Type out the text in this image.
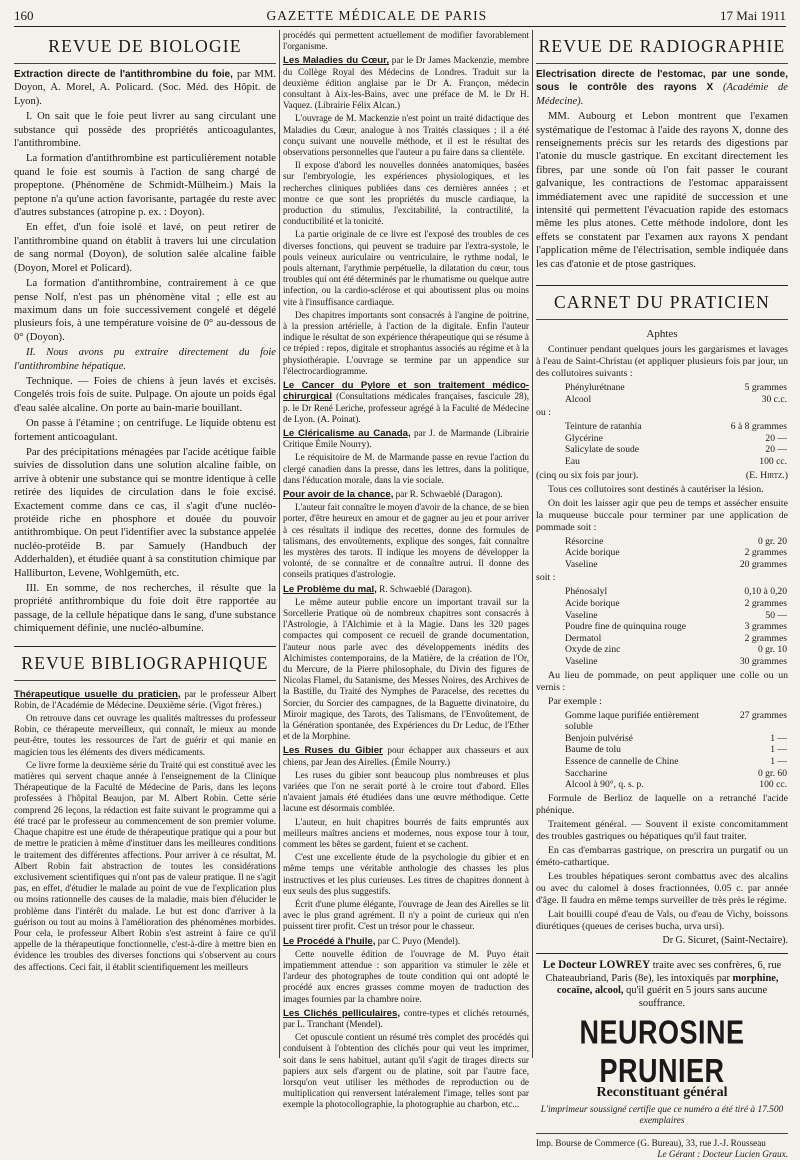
160	GAZETTE MÉDICALE DE PARIS	17 Mai 1911
REVUE DE BIOLOGIE

Extraction directe de l'antithrombine du foie, par MM. Doyon, A. Morel, A. Policard. (Soc. Méd. des Hôpit. de Lyon).

I. On sait que le foie peut livrer au sang circulant une substance qui possède des propriétés anticoagulantes, l'antithrombine.

La formation d'antithrombine est particulièrement notable quand le foie est soumis à l'action de sang chargé de propeptone. (Phénomène de Schmidt-Mülheim.) Mais la peptone n'a qu'une action favorisante, partagée du reste avec d'autres substances (atropine p. ex. : Doyon).

En effet, d'un foie isolé et lavé, on peut retirer de l'antithrombine quand on établit à travers lui une circulation de sang normal (Doyon), de solution salée alcaline faible (Doyon, Morel et Policard).

La formation d'antithrombine, contrairement à ce que pense Nolf, n'est pas un phénomène vital ; elle est au maximum dans un foie successivement congelé et dégelé plusieurs fois, à une température voisine de 0° au-dessous de 0° (Doyon).

II. Nous avons pu extraire directement du foie l'antithrombine hépatique.

Technique. — Foies de chiens à jeun lavés et excisés. Congelés trois fois de suite. Pulpage. On ajoute un poids égal d'eau salée alcaline. On porte au bain-marie bouillant.

On passe à l'étamine ; on centrifuge. Le liquide obtenu est fortement anticoagulant.

Par des précipitations ménagées par l'acide acétique faible suivies de dissolution dans une solution alcaline faible, on arrive à obtenir une substance qui se montre identique à celle retirée des liquides de circulation dans le foie excisé. Exactement comme dans ce cas, il s'agit d'une nucléo-protéide riche en phosphore et douée du pouvoir antithrombique. On peut l'identifier avec la substance appelée nucléo-protéide B. par Samuely (Handbuch der Adderhalden), et étudiée quant à sa constitution chimique par Halliburton, Levene, Wohlgemüth, etc.

III. En somme, de nos recherches, il résulte que la propriété antithrombique du foie doit être rapportée au passage, de la cellule hépatique dans le sang, d'une substance chimiquement définie, une nucléo-albumine.

REVUE BIBLIOGRAPHIQUE

Thérapeutique usuelle du praticien, par le professeur Albert Robin, de l'Académie de Médecine. Deuxième série. (Vigot frères.)

On retrouve dans cet ouvrage les qualités maîtresses du professeur Robin, ce thérapeute merveilleux, qui connaît, le mieux au monde peut-être, toutes les ressources de l'art de guérir et qui manie en magicien tous les éléments des divers médicaments.

Ce livre forme la deuxième série du Traité qui est constitué avec les matières qui servent chaque année à l'enseignement de la Clinique Thérapeutique de la Faculté de Médecine de Paris, dans les leçons professées à l'hôpital Beaujon, par M. Albert Robin. Cette série comprend 26 leçons, la rédaction est faite suivant le programme qui a été tracé par le professeur au commencement de son premier volume. Chaque chapitre est une étude de thérapeutique pratique qui a pour but de mettre le praticien à même d'instituer dans les meilleures conditions le traitement des différentes affections. Pour arriver à ce résultat, M. Albert Robin fait abstraction de toutes les considérations exclusivement scientifiques qui n'ont pas de valeur pratique. Il ne s'agit pas, en effet, d'étudier le malade au point de vue de l'explication plus ou moins rationnelle des causes de la maladie, mais bien d'élucider le problème dans l'intérêt du malade. Le but est donc d'arriver à la guérison ou tout au moins à l'amélioration des phénomènes morbides. Pour cela, le professeur Albert Robin s'est astreint à faire ce qu'il appelle de la thérapeutique fonctionnelle, c'est-à-dire à mettre bien en évidence les troubles des diverses fonctions qui s'observent au cours des affections. Ceci fait, il établit scientifiquement les meilleurs

procédés qui permettent actuellement de modifier favorablement l'organisme.

Les Maladies du Cœur, par le Dr James Mackenzie, membre du Collège Royal des Médecins de Londres. Traduit sur la deuxième édition anglaise par le Dr A. Françon, médecin consultant à Aix-les-Bains, avec une préface de M. le Dr H. Vaquez. (Librairie Félix Alcan.)

L'ouvrage de M. Mackenzie n'est point un traité didactique des Maladies du Cœur, analogue à nos Traités classiques ; il a été conçu suivant une nouvelle méthode, et il est le résultat des observations personnelles que l'auteur a pu faire dans sa clientèle.

Il expose d'abord les nouvelles données anatomiques, basées sur l'embryologie, les expériences physiologiques, et les recherches cliniques publiées dans ces dernières années ; et montre ce que sont les propriétés du muscle cardiaque, la production du stimulus, l'excitabilité, la contractilité, la conductibilité et la tonicité.

La partie originale de ce livre est l'exposé des troubles de ces diverses fonctions, qui peuvent se traduire par l'extra-systole, le pouls veineux auriculaire ou ventriculaire, le rythme nodal, le pouls alternant, l'arythmie perpétuelle, la dilatation du cœur, tous troubles qui ont été déterminés par le rhumatisme ou quelque autre infection, ou la cardio-sclérose et qui aboutissent plus ou moins vite à l'insuffisance cardiaque.

Des chapitres importants sont consacrés à l'angine de poitrine, à la pression artérielle, à l'action de la digitale. Enfin l'auteur indique le résultat de son expérience thérapeutique qui se résume à ce trépied : repos, digitale et strophantus associés au régime et à la physiothérapie. L'ouvrage se termine par un appendice sur l'électrocardiogramme.

Le Cancer du Pylore et son traitement médico-chirurgical (Consultations médicales françaises, fascicule 28), p. le Dr René Leriche, professeur agrégé à la Faculté de Médecine de Lyon. (A. Poinat).

Le Cléricalisme au Canada, par J. de Marmande (Librairie Critique Émile Nourry).

Le réquisitoire de M. de Marmande passe en revue l'action du clergé canadien dans la presse, dans les lettres, dans la politique, dans l'éducation morale, dans la vie sociale.

Pour avoir de la chance, par R. Schwaeblé (Daragon).

L'auteur fait connaître le moyen d'avoir de la chance, de se bien porter, d'être heureux en amour et de gagner au jeu et pour arriver à ces résultats il indique des recettes, donne des formules de talismans, des envoûtements, explique des songes, fait connaître les mystères des tarots. Il indique les moyens de développer la volonté, de se connaître et de connaître autrui. Il donne des conseils pratiques d'astrologie.

Le Problème du mal, R. Schwaeblé (Daragon).

Le même auteur publie encore un important travail sur la Sorcellerie Pratique où de nombreux chapitres sont consacrés à l'Astrologie, à l'Alchimie et à la Magie. Dans les 320 pages compactes qui composent ce recueil de grande documentation, l'auteur nous parle avec des développements inédits des Alchimistes contemporains, de la Matière, de la création de l'Or, du Mercure, de la Pierre philosophale, du Divin des figures de Nicolas Flamel, du Satanisme, des Messes Noires, des Archives de la Bastille, du Traité des Nymphes de Paracelse, des recettes du Sorcier, du Sorcier des campagnes, de la Baguette divinatoire, du Miroir magique, des Tarots, des Talismans, de l'Envoûtement, de la Génération spontanée, des Expériences du Dr Leduc, de l'Ether et de la Morphine.

Les Ruses du Gibier pour échapper aux chasseurs et aux chiens, par Jean des Airelles. (Émile Nourry.)

Les ruses du gibier sont beaucoup plus nombreuses et plus variées que l'on ne serait porté à le croire tout d'abord. Elles n'avaient jamais été étudiées dans une œuvre méthodique. Cette lacune est désormais comblée.

L'auteur, en huit chapitres bourrés de faits empruntés aux meilleurs maîtres anciens et modernes, nous expose tour à tour, comment les bêtes se gardent, fuient et se cachent.

C'est une excellente étude de la psychologie du gibier et en même temps une véritable anthologie des chasses les plus instructives et les plus curieuses. Les titres de chapitres donnent à eux seuls des plus suggestifs.

Écrit d'une plume élégante, l'ouvrage de Jean des Airelles se lit avec le plus grand agrément. Il n'y a point de curieux qui n'en puissent tirer profit. C'est un trésor pour le chasseur.

Le Procédé à l'huile, par C. Puyo (Mendel).

Cette nouvelle édition de l'ouvrage de M. Puyo était impatiemment attendue : son apparition va stimuler le zèle et l'ardeur des photographes de toute condition qui ont adopté le procédé aux encres grasses comme moyen de traduction des images fournies par la chambre noire.

Les Clichés pelliculaires, contre-types et clichés retournés, par L. Tranchant (Mendel).

Cet opuscule contient un résumé très complet des procédés qui conduisent à l'obtention des clichés pour qui veut les imprimer, soit dans le sens habituel, autant qu'il s'agit de tirages directs sur papiers aux sels d'argent ou de platine, soit par l'autre face, lorsqu'on veut utiliser les méthodes de reproduction ou de multiplication qui renversent latéralement l'image, telles sont par exemple la photocollographie, la photographie au charbon, etc...

REVUE DE RADIOGRAPHIE

Electrisation directe de l'estomac, par une sonde, sous le contrôle des rayons X (Académie de Médecine).

MM. Aubourg et Lebon montrent que l'examen systématique de l'estomac à l'aide des rayons X, donne des renseignements précis sur les retards des digestions par l'atonie du muscle gastrique. En excitant directement les fibres, par une sonde où l'on fait passer le courant galvanique, les contractions de l'estomac apparaissent immédiatement avec une rapidité de succession et une intensité qui permettent l'évacuation rapide des estomacs même les plus atones. Cette méthode indolore, dont les effets se constatent par l'examen aux rayons X pendant l'application même de l'électrisation, semble indiquée dans les cas d'atonie et de ptose gastriques.

CARNET DU PRATICIEN
Aphtes

Continuer pendant quelques jours les gargarismes et lavages à l'eau de Saint-Christau (et appliquer plusieurs fois par jour, un des collutoires suivants :

	Phénylurétnane	5 grammes
	Alcool	30 c.c.

ou :

	Teinture de ratanhia	6 à 8 grammes
	Glycérine	20 —
	Salicylate de soude	20 —
	Eau	100 cc.

(cinq ou six fois par jour).	(E. Hirtz.)

Tous ces collutoires sont destinés à cautériser la lésion.

On doit les laisser agir que peu de temps et assécher ensuite la muqueuse buccale pour terminer par une application de pommade soit :

	Résorcine	0 gr. 20
	Acide borique	2 grammes
	Vaseline	20 grammes

soit :

	Phénosalyl	0,10 à 0,20
	Acide borique	2 grammes
	Vaseline	50 —
	Poudre fine de quinquina rouge	3 grammes
	Dermatol	2 grammes
	Oxyde de zinc	0 gr. 10
	Vaseline	30 grammes

Au lieu de pommade, on peut appliquer une colle ou un vernis :

Par exemple :

	Gomme laque purifiée entièrement soluble	27 grammes
	Benjoin pulvérisé	1 —
	Baume de tolu	1 —
	Essence de cannelle de Chine	1 —
	Saccharine	0 gr. 60
	Alcool à 90°, q. s. p.	100 cc.

Formule de Berlioz de laquelle on a retranché l'acide phénique.

Traitement général. — Souvent il existe concomitamment des troubles gastriques ou hépatiques qu'il faut traiter.

En cas d'embarras gastrique, on prescrira un purgatif ou un éméto-cathartique.

Les troubles hépatiques seront combattus avec des alcalins ou avec du calomel à doses fractionnées, 0.05 c. par année d'âge. Il faudra en même temps surveiller de très près le régime.

Lait bouilli coupé d'eau de Vals, ou d'eau de Vichy, boissons diurétiques (queues de cerises bucha, urva ursi).

Dr G. Sicuret, (Saint-Nectaire).
Le Docteur LOWREY traite avec ses confrères, 6, rue Chateaubriand, Paris (8e), les intoxiqués par morphine, cocaïne, alcool, qu'il guérit en 5 jours sans aucune souffrance.
NEUROSINE PRUNIER
Reconstituant général
L'imprimeur soussigné certifie que ce numéro a été tiré à 17.500 exemplaires
Imp. Bourse de Commerce (G. Bureau), 33, rue J.-J. Rousseau
Le Gérant : Docteur Lucien Graux.
